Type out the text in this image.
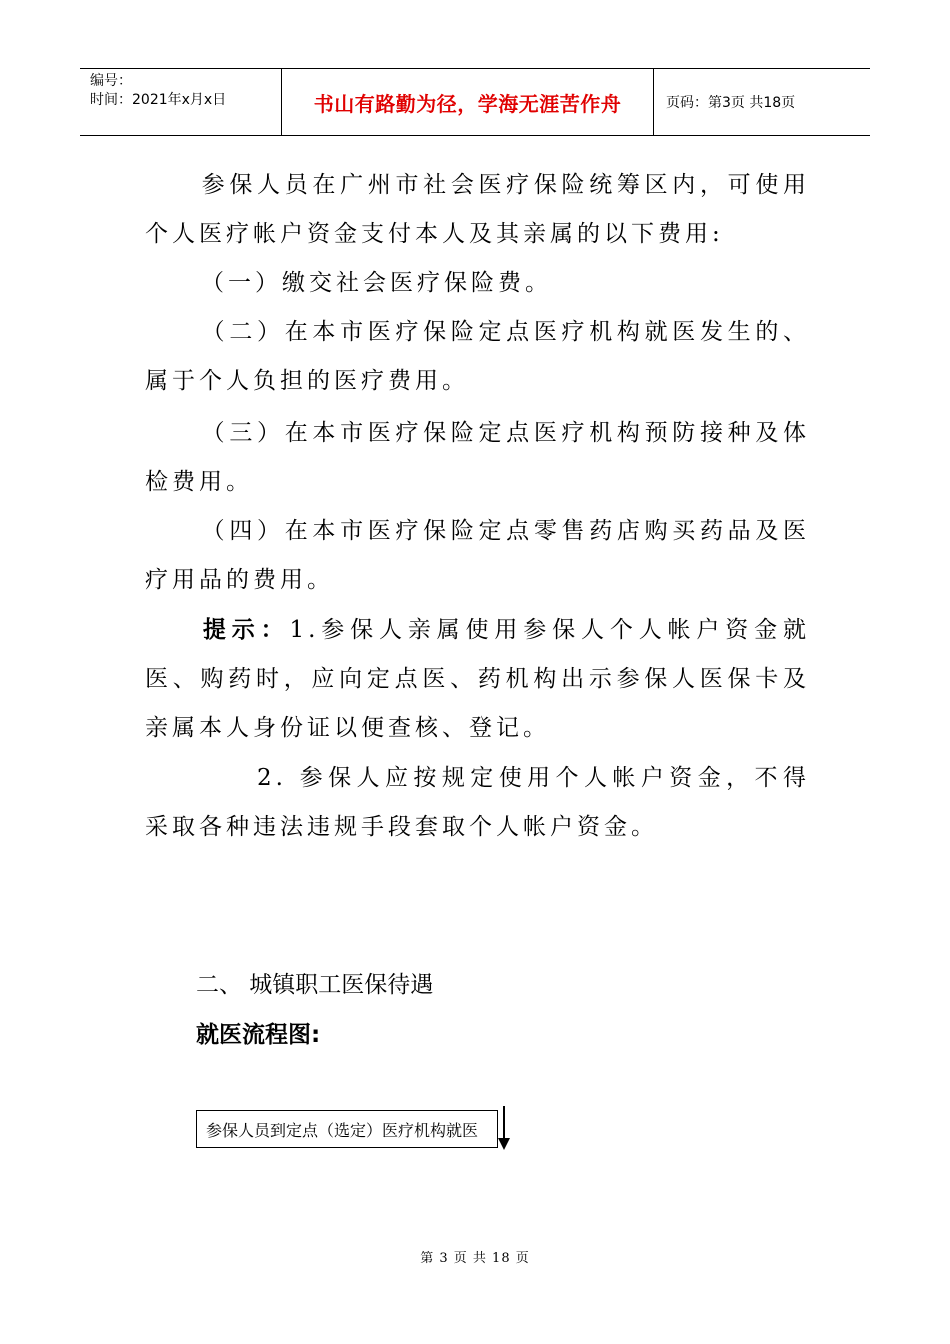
编号：
时间：2021年x月x日	书山有路勤为径，学海无涯苦作舟	页码：第3页 共18页
参保人员在广州市社会医疗保险统筹区内，可使用个人医疗帐户资金支付本人及其亲属的以下费用:
（一）缴交社会医疗保险费。
（二）在本市医疗保险定点医疗机构就医发生的、属于个人负担的医疗费用。
（三）在本市医疗保险定点医疗机构预防接种及体检费用。
（四）在本市医疗保险定点零售药店购买药品及医疗用品的费用。
提示：1.参保人亲属使用参保人个人帐户资金就医、购药时，应向定点医、药机构出示参保人医保卡及亲属本人身份证以便查核、登记。
2. 参保人应按规定使用个人帐户资金，不得采取各种违法违规手段套取个人帐户资金。
二、 城镇职工医保待遇
就医流程图:
参保人员到定点（选定）医疗机构就医
第 3 页 共 18 页
